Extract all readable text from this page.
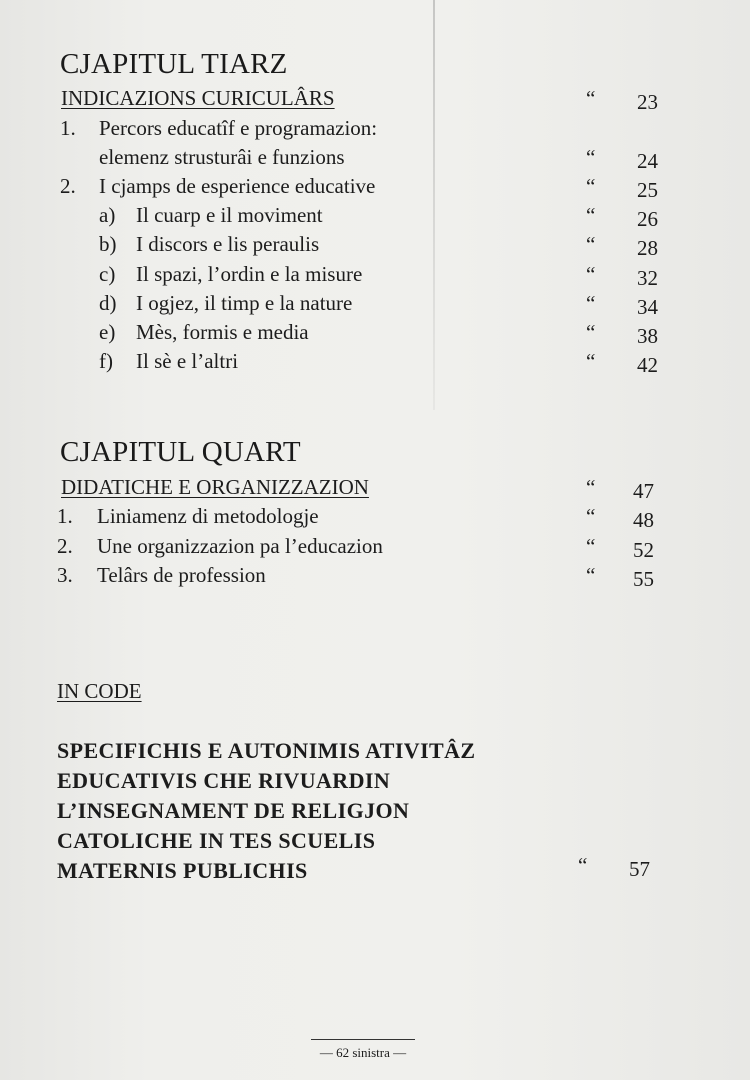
CJAPITUL TIARZ
INDICAZIONS CURICULÂRS	“	23
1. Percors educatîf e programazion:
elemenz strusturâi e funzions	“	24
2. I cjamps de esperience educative	“	25
a) Il cuarp e il moviment	“	26
b) I discors e lis peraulis	“	28
c) Il spazi, l’ordin e la misure	“	32
d) I ogjez, il timp e la nature	“	34
e) Mès, formis e media	“	38
f) Il sè e l’altri	“	42
CJAPITUL QUART
DIDATICHE E ORGANIZZAZION	“	47
1. Liniamenz di metodologje	“	48
2. Une organizzazion pa l’educazion	“	52
3. Telârs de profession	“	55
IN CODE
SPECIFICHIS E AUTONIMIS ATIVITÂZ
EDUCATIVIS CHE RIVUARDIN
L’INSEGNAMENT DE RELIGJON
CATOLICHE IN TES SCUELIS
MATERNIS PUBLICHIS	“	57
— 62 sinistra —
